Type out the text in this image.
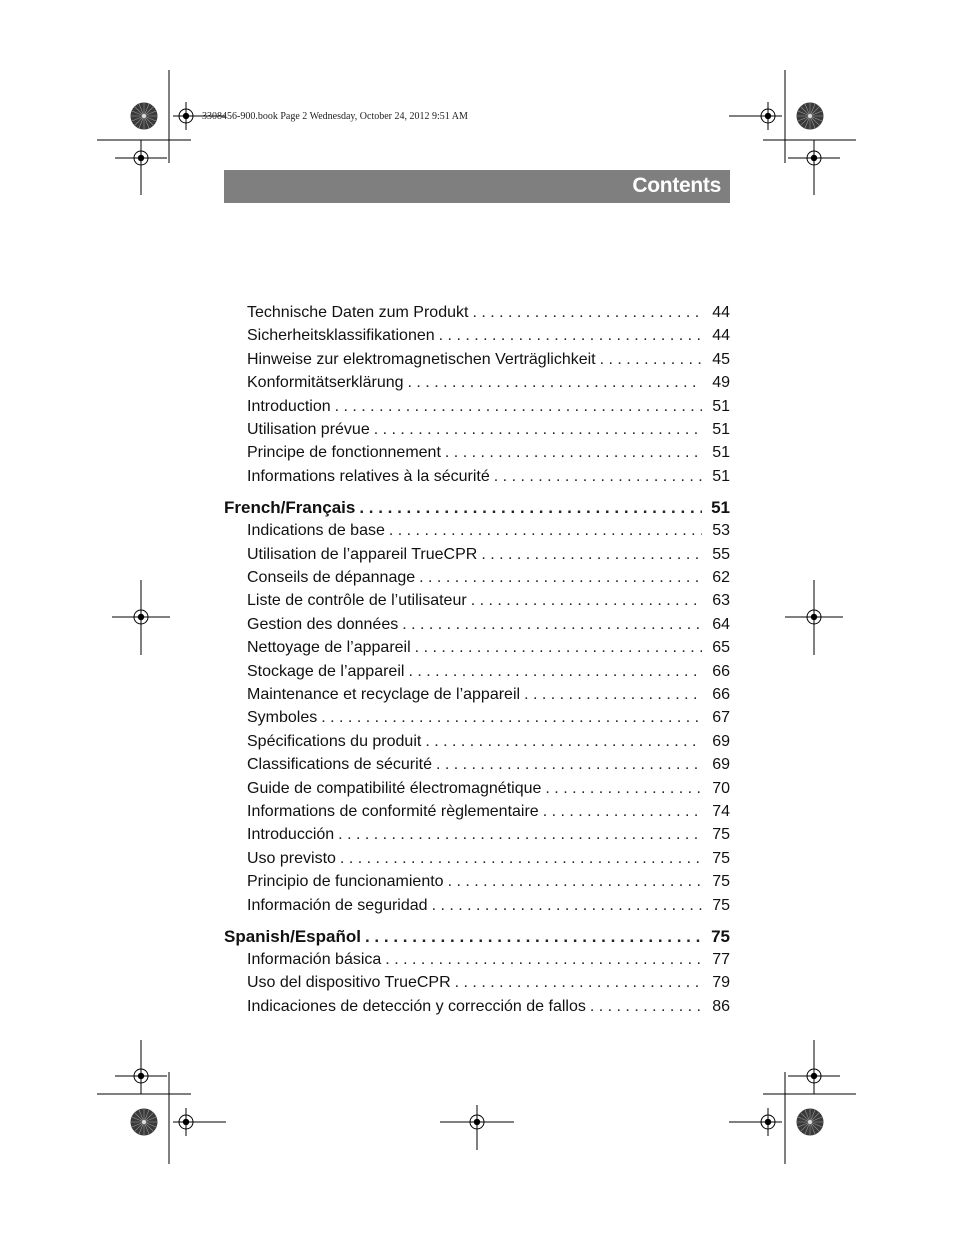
3308456-900.book Page 2 Wednesday, October 24, 2012 9:51 AM
Contents
Technische Daten zum Produkt . . .	44
Sicherheitsklassifikationen . . .	44
Hinweise zur elektromagnetischen Verträglichkeit . . .	45
Konformitätserklärung . . .	49
Introduction . . .	51
Utilisation prévue . . .	51
Principe de fonctionnement . . .	51
Informations relatives à la sécurité . . .	51
French/Français . . .	51
Indications de base . . .	53
Utilisation de l’appareil TrueCPR . . .	55
Conseils de dépannage . . .	62
Liste de contrôle de l’utilisateur . . .	63
Gestion des données . . .	64
Nettoyage de l’appareil . . .	65
Stockage de l’appareil . . .	66
Maintenance et recyclage de l’appareil . . .	66
Symboles . . .	67
Spécifications du produit . . .	69
Classifications de sécurité . . .	69
Guide de compatibilité électromagnétique . . .	70
Informations de conformité règlementaire . . .	74
Introducción . . .	75
Uso previsto . . .	75
Principio de funcionamiento . . .	75
Información de seguridad . . .	75
Spanish/Español . . .	75
Información básica . . .	77
Uso del dispositivo TrueCPR . . .	79
Indicaciones de detección y corrección de fallos . . .	86
